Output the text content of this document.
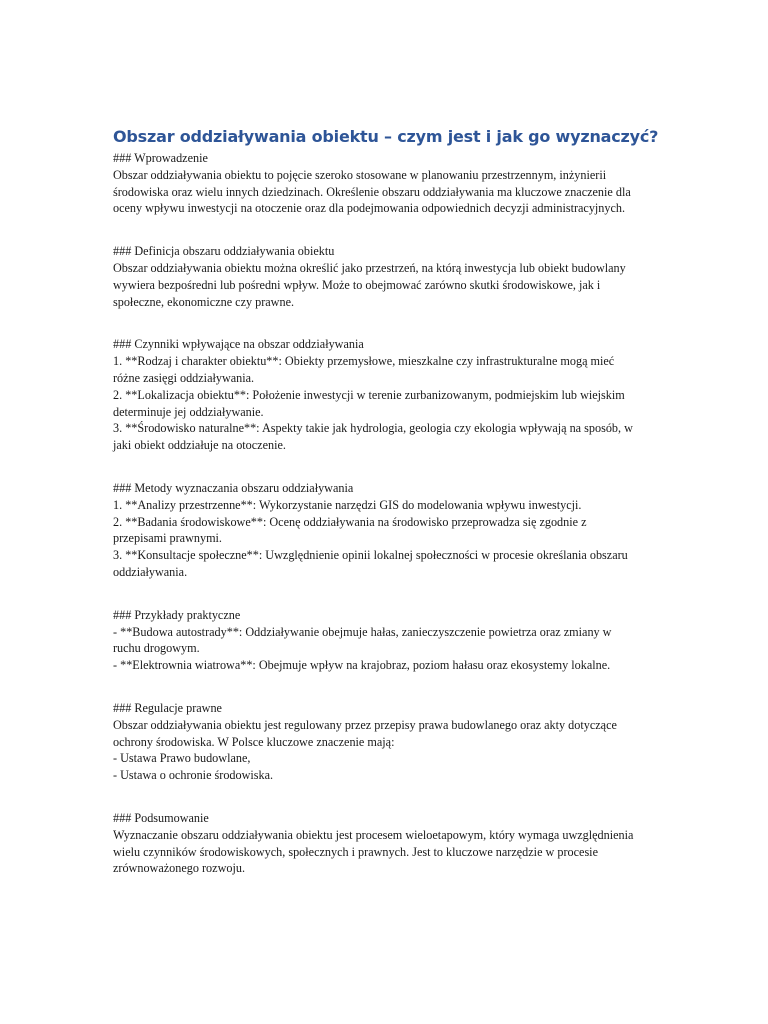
Obszar oddziaływania obiektu – czym jest i jak go wyznaczyć?

### Wprowadzenie

Obszar oddziaływania obiektu to pojęcie szeroko stosowane w planowaniu przestrzennym, inżynierii

środowiska oraz wielu innych dziedzinach. Określenie obszaru oddziaływania ma kluczowe znaczenie dla

oceny wpływu inwestycji na otoczenie oraz dla podejmowania odpowiednich decyzji administracyjnych.

### Definicja obszaru oddziaływania obiektu

Obszar oddziaływania obiektu można określić jako przestrzeń, na którą inwestycja lub obiekt budowlany

wywiera bezpośredni lub pośredni wpływ. Może to obejmować zarówno skutki środowiskowe, jak i

społeczne, ekonomiczne czy prawne.

### Czynniki wpływające na obszar oddziaływania

1. **Rodzaj i charakter obiektu**: Obiekty przemysłowe, mieszkalne czy infrastrukturalne mogą mieć

różne zasięgi oddziaływania.

2. **Lokalizacja obiektu**: Położenie inwestycji w terenie zurbanizowanym, podmiejskim lub wiejskim

determinuje jej oddziaływanie.

3. **Środowisko naturalne**: Aspekty takie jak hydrologia, geologia czy ekologia wpływają na sposób, w

jaki obiekt oddziałuje na otoczenie.

### Metody wyznaczania obszaru oddziaływania

1. **Analizy przestrzenne**: Wykorzystanie narzędzi GIS do modelowania wpływu inwestycji.

2. **Badania środowiskowe**: Ocenę oddziaływania na środowisko przeprowadza się zgodnie z

przepisami prawnymi.

3. **Konsultacje społeczne**: Uwzględnienie opinii lokalnej społeczności w procesie określania obszaru

oddziaływania.

### Przykłady praktyczne

- **Budowa autostrady**: Oddziaływanie obejmuje hałas, zanieczyszczenie powietrza oraz zmiany w

ruchu drogowym.

- **Elektrownia wiatrowa**: Obejmuje wpływ na krajobraz, poziom hałasu oraz ekosystemy lokalne.

### Regulacje prawne

Obszar oddziaływania obiektu jest regulowany przez przepisy prawa budowlanego oraz akty dotyczące

ochrony środowiska. W Polsce kluczowe znaczenie mają:

- Ustawa Prawo budowlane,

- Ustawa o ochronie środowiska.

### Podsumowanie

Wyznaczanie obszaru oddziaływania obiektu jest procesem wieloetapowym, który wymaga uwzględnienia

wielu czynników środowiskowych, społecznych i prawnych. Jest to kluczowe narzędzie w procesie

zrównoważonego rozwoju.
